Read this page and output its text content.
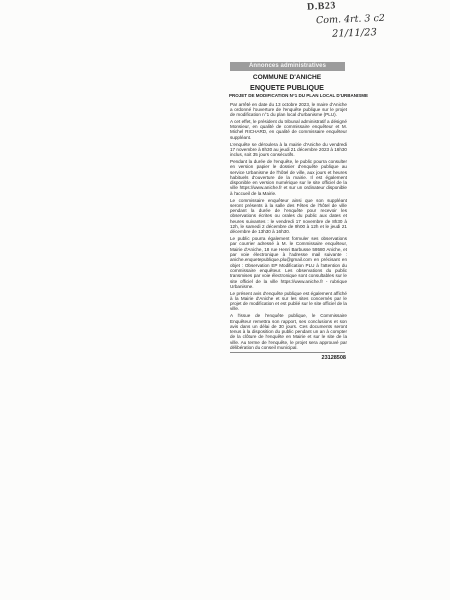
D.B23
Com. 4rt. 3 c2
21/11/23
Annonces administratives
COMMUNE D'ANICHE
ENQUETE PUBLIQUE
PROJET DE MODIFICATION N°1 DU PLAN LOCAL D'URBANISME

Par arrêté en date du 13 octobre 2023, le maire d'Aniche a ordonné l'ouverture de l'enquête publique sur le projet de modification n°1 du plan local d'urbanisme (PLU).

A cet effet, le président du tribunal administratif a désigné Monsieur, en qualité de commissaire enquêteur et M. Michel RICHARD, en qualité de commissaire enquêteur suppléant.

L'enquête se déroulera à la mairie d'Aniche du vendredi 17 novembre à 8h30 au jeudi 21 décembre 2023 à 16h30 inclus, soit 35 jours consécutifs.

Pendant la durée de l'enquête, le public pourra consulter en version papier le dossier d'enquête publique au service Urbanisme de l'hôtel de ville, aux jours et heures habituels d'ouverture de la mairie. Il est également disponible en version numérique sur le site officiel de la ville https://www.aniche.fr et sur un ordinateur disponible à l'accueil de la Mairie.

Le commissaire enquêteur ainsi que son suppléant seront présents à la salle des Fêtes de l'hôtel de ville pendant la durée de l'enquête pour recevoir les observations écrites ou orales du public aux dates et heures suivantes : le vendredi 17 novembre de 8h30 à 12h, le samedi 2 décembre de 9h00 à 12h et le jeudi 21 décembre de 13h30 à 16h30.

Le public pourra également formuler ses observations par courrier adressé à M. le Commissaire enquêteur, Mairie d'Aniche, 18 rue Henri Barbusse 59580 Aniche, et par voie électronique à l'adresse mail suivante : aniche.enquetepublique.plu@gmail.com en précisant en objet : Observation EP Modification PLU à l'attention du commissaire enquêteur. Les observations du public transmises par voie électronique sont consultables sur le site officiel de la ville https://www.aniche.fr - rubrique Urbanisme.

Le présent avis d'enquête publique est également affiché à la Mairie d'Aniche et sur les sites concernés par le projet de modification et est publié sur le site officiel de la ville.

A l'issue de l'enquête publique, le Commissaire Enquêteur remettra son rapport, ses conclusions et son avis dans un délai de 30 jours. Ces documents seront tenus à la disposition du public pendant un an à compter de la clôture de l'enquête en Mairie et sur le site de la ville. Au terme de l'enquête, le projet sera approuvé par délibération du conseil municipal.

23128508
